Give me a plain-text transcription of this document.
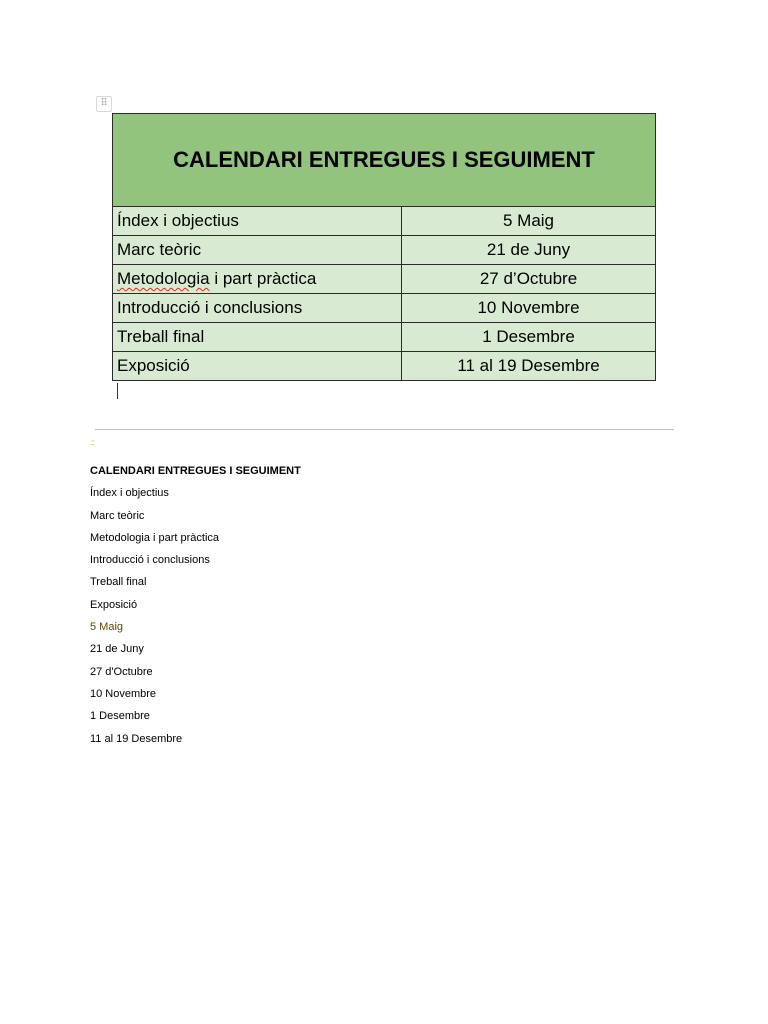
⠿
CALENDARI ENTREGUES I SEGUIMENT	
Índex i objectius	5 Maig
Marc teòric	21 de Juny
Metodologia i part pràctica	27 d’Octubre
Introducció i conclusions	10 Novembre
Treball final	1 Desembre
Exposició	11 al 19 Desembre
:::
CALENDARI ENTREGUES I SEGUIMENT
Índex i objectius
Marc teòric
Metodologia i part pràctica
Introducció i conclusions
Treball final
Exposició
5 Maig
21 de Juny
27 d'Octubre
10 Novembre
1 Desembre
11 al 19 Desembre
